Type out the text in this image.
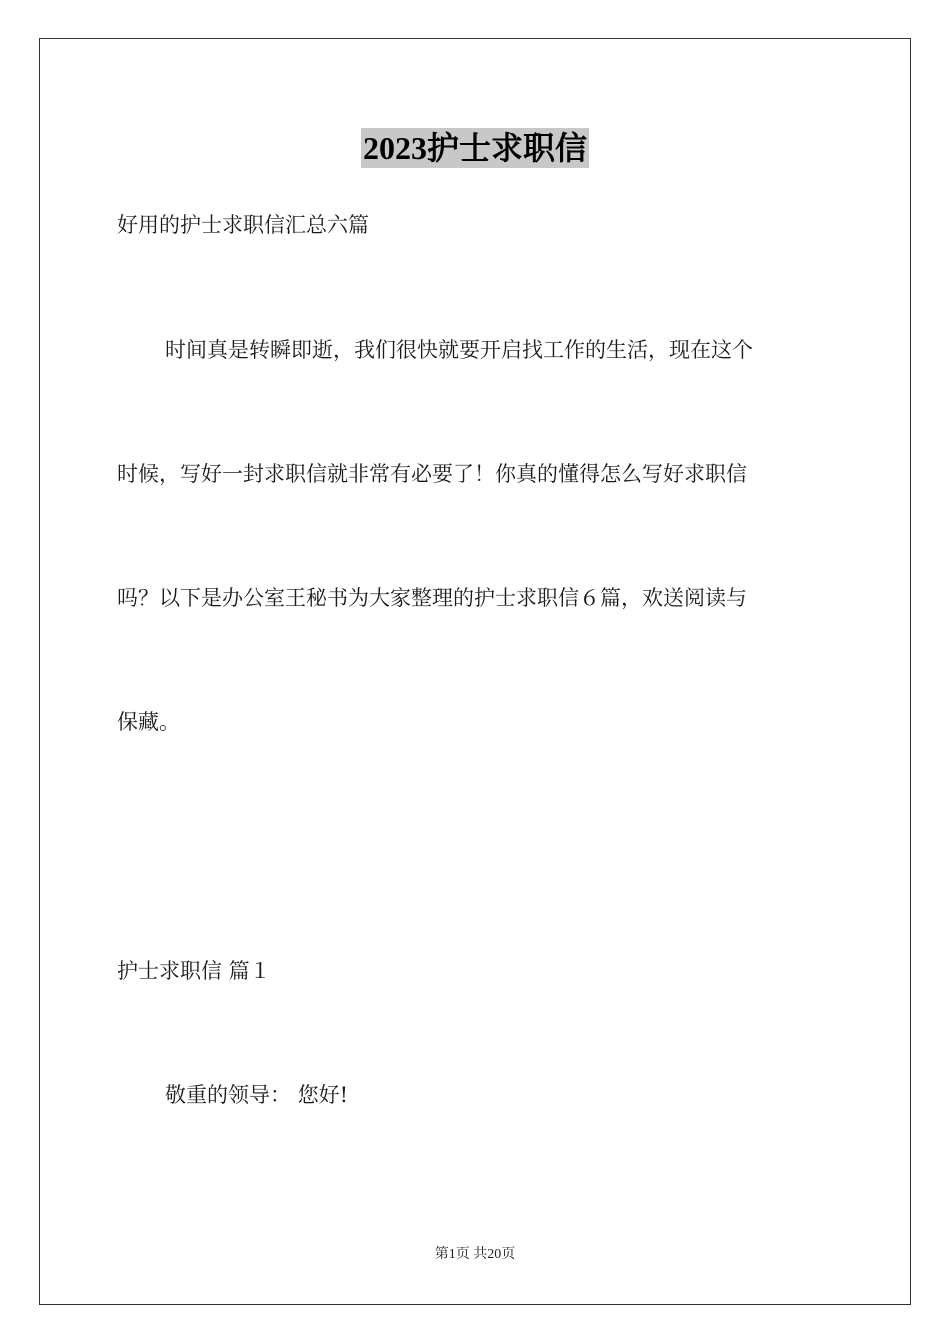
2023护士求职信
好用的护士求职信汇总六篇
时间真是转瞬即逝，我们很快就要开启找工作的生活，现在这个
时候，写好一封求职信就非常有必要了！你真的懂得怎么写好求职信
吗？以下是办公室王秘书为大家整理的护士求职信６篇，欢送阅读与
保藏。
护士求职信 篇１
敬重的领导： 您好!
第1页 共20页
